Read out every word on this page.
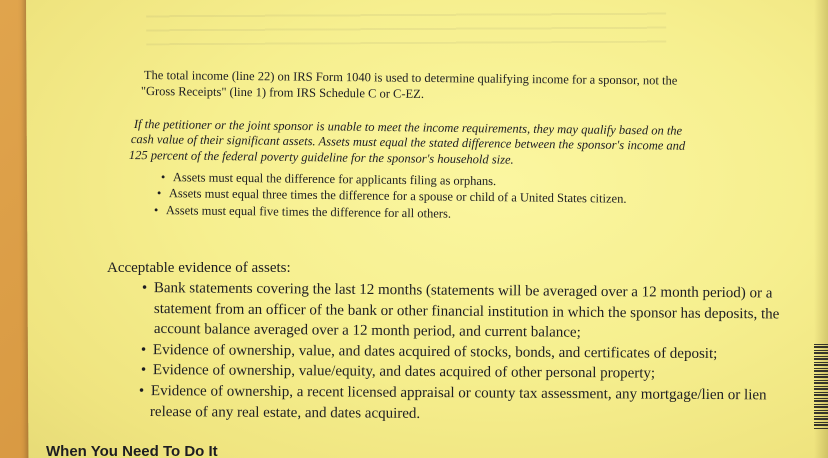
The total income (line 22) on IRS Form 1040 is used to determine qualifying income for a sponsor, not the

"Gross Receipts" (line 1) from IRS Schedule C or C-EZ.

If the petitioner or the joint sponsor is unable to meet the income requirements, they may qualify based on the

cash value of their significant assets. Assets must equal the stated difference between the sponsor's income and

125 percent of the federal poverty guideline for the sponsor's household size.

• Assets must equal the difference for applicants filing as orphans.

• Assets must equal three times the difference for a spouse or child of a United States citizen.

• Assets must equal five times the difference for all others.

Acceptable evidence of assets:

• Bank statements covering the last 12 months (statements will be averaged over a 12 month period) or a

statement from an officer of the bank or other financial institution in which the sponsor has deposits, the

account balance averaged over a 12 month period, and current balance;

• Evidence of ownership, value, and dates acquired of stocks, bonds, and certificates of deposit;

• Evidence of ownership, value/equity, and dates acquired of other personal property;

• Evidence of ownership, a recent licensed appraisal or county tax assessment, any mortgage/lien or lien

release of any real estate, and dates acquired.

When You Need To Do It
